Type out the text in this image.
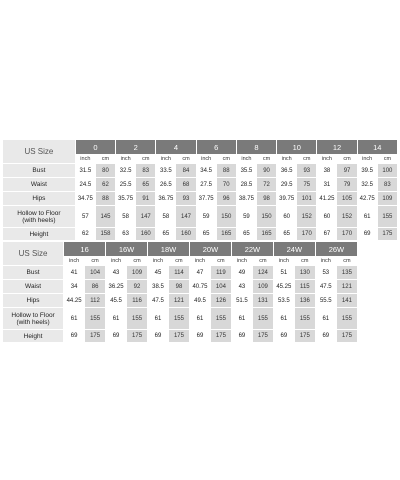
US Size	0		2		4		6		8		10		12		14	
	inch	cm	inch	cm	inch	cm	inch	cm	inch	cm	inch	cm	inch	cm	inch	cm
Bust	31.5	80	32.5	83	33.5	84	34.5	88	35.5	90	36.5	93	38	97	39.5	100
Waist	24.5	62	25.5	65	26.5	68	27.5	70	28.5	72	29.5	75	31	79	32.5	83
Hips	34.75	88	35.75	91	36.75	93	37.75	96	38.75	98	39.75	101	41.25	105	42.75	109
Hollow to Floor
(with heels)	57	145	58	147	58	147	59	150	59	150	60	152	60	152	61	155
Height	62	158	63	160	65	160	65	165	65	165	65	170	67	170	69	175
US Size	16		16W		18W		20W		22W		24W		26W	
	inch	cm	inch	cm	inch	cm	inch	cm	inch	cm	inch	cm	inch	cm
Bust	41	104	43	109	45	114	47	119	49	124	51	130	53	135
Waist	34	86	36.25	92	38.5	98	40.75	104	43	109	45.25	115	47.5	121
Hips	44.25	112	45.5	116	47.5	121	49.5	126	51.5	131	53.5	136	55.5	141
Hollow to Floor
(with heels)	61	155	61	155	61	155	61	155	61	155	61	155	61	155
Height	69	175	69	175	69	175	69	175	69	175	69	175	69	175
